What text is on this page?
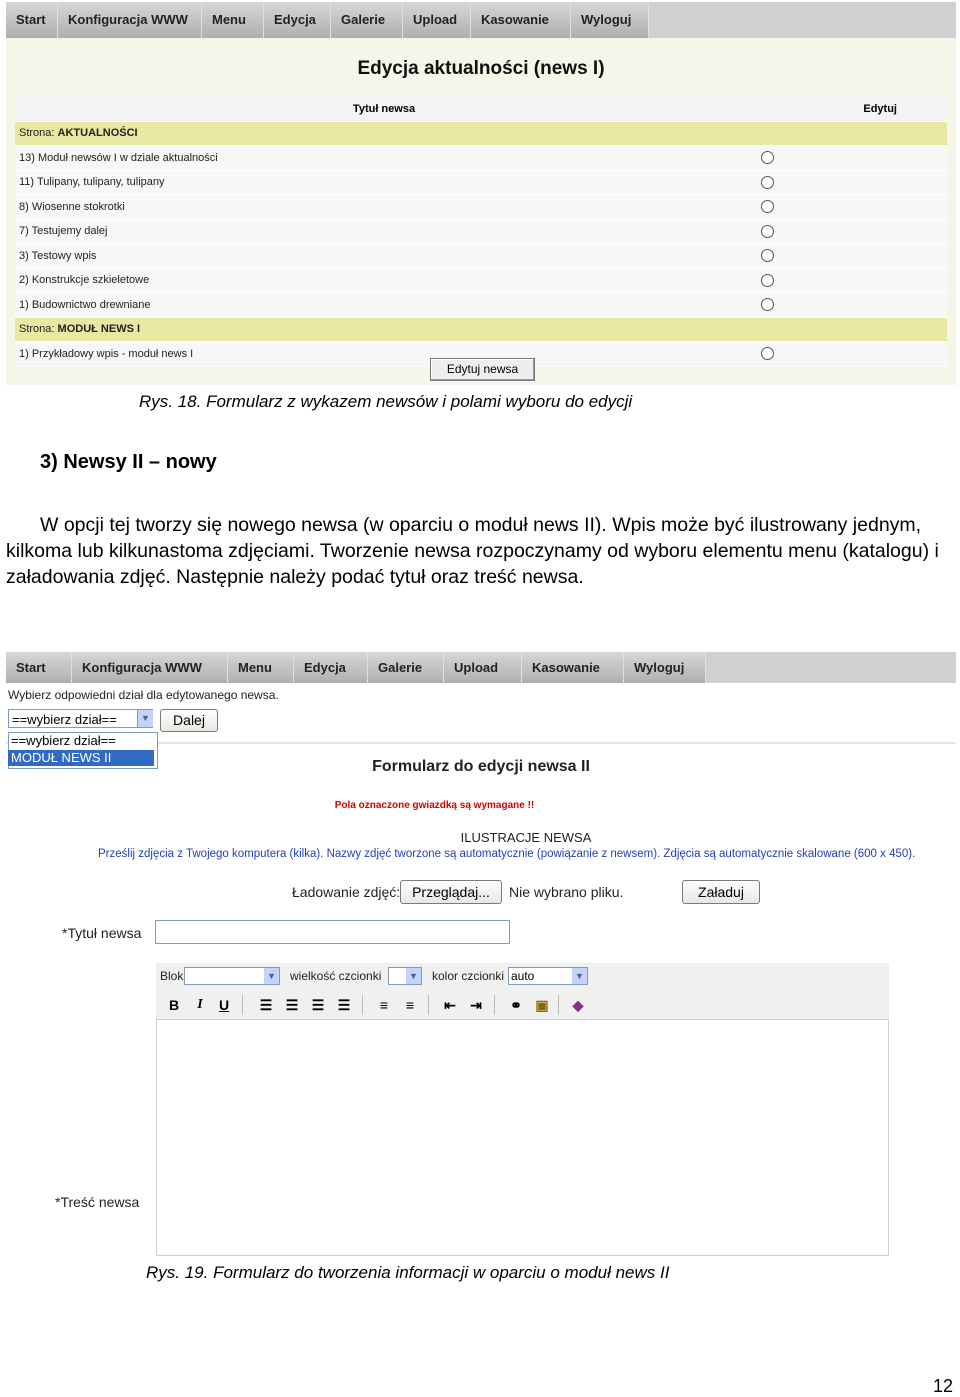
Start	Konfiguracja WWW	Menu	Edycja	Galerie	Upload	Kasowanie	Wyloguj
Edycja aktualności (news I)
Tytuł newsa	Edytuj
Strona: AKTUALNOŚCI	
13) Moduł newsów I w dziale aktualności	
11) Tulipany, tulipany, tulipany	
8) Wiosenne stokrotki	
7) Testujemy dalej	
3) Testowy wpis	
2) Konstrukcje szkieletowe	
1) Budownictwo drewniane	
Strona: MODUŁ NEWS I	
1) Przykładowy wpis - moduł news I	
Edytuj newsa
Rys. 18. Formularz z wykazem newsów i polami wyboru do edycji
3) Newsy II – nowy
W opcji tej tworzy się nowego newsa (w oparciu o moduł news II). Wpis może być ilustrowany jednym, kilkoma lub kilkunastoma zdjęciami. Tworzenie newsa rozpoczynamy od wyboru elementu menu (katalogu) i załadowania zdjęć. Następnie należy podać tytuł oraz treść newsa.
Start	Konfiguracja WWW	Menu	Edycja	Galerie	Upload	Kasowanie	Wyloguj
Wybierz odpowiedni dział dla edytowanego newsa.
==wybierz dział==	▼	Dalej
==wybierz dział==
MODUŁ NEWS II
Formularz do edycji newsa II
Pola oznaczone gwiazdką są wymagane !!
ILUSTRACJE NEWSA
Prześlij zdjęcia z Twojego komputera (kilka). Nazwy zdjęć tworzone są automatycznie (powiązanie z newsem). Zdjęcia są automatycznie skalowane (600 x 450).
Ładowanie zdjęć: Przeglądaj...	Nie wybrano pliku.	Załaduj
*Tytuł newsa
Blok	▼ wielkość czcionki	▼ kolor czcionki auto	▼
B	I	U	☰ ☰ ☰ ☰	≡	≡	⇤ ⇥ ⚭ ▣	◆
*Treść newsa
Rys. 19. Formularz do tworzenia informacji w oparciu o moduł news II
12
